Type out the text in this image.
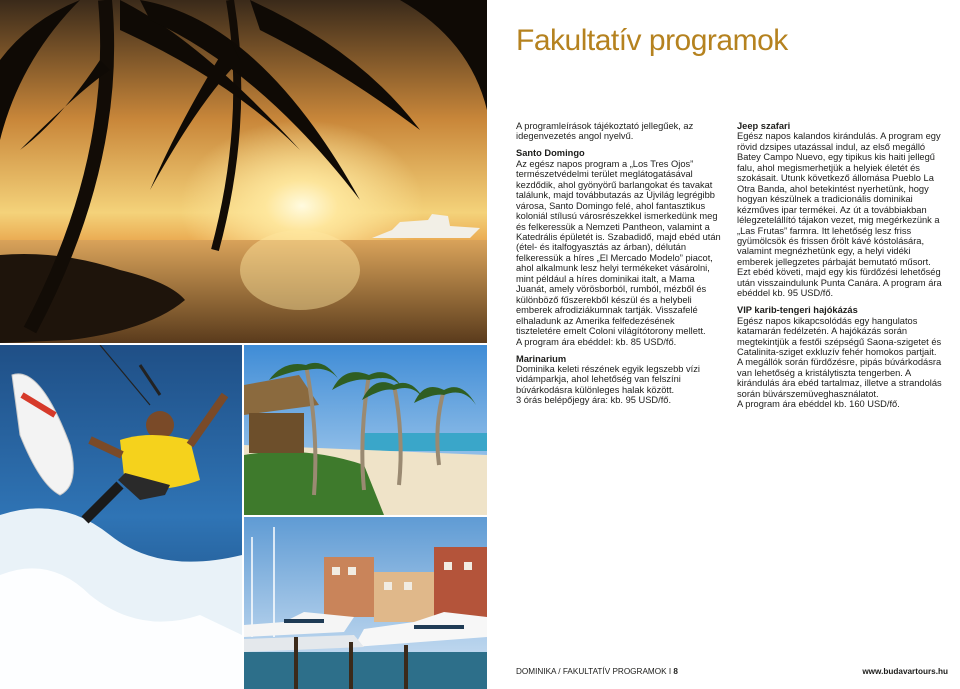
Fakultatív programok

A programleírások tájékoztató jellegűek, az idegenvezetés angol nyelvű.

Santo Domingo
Az egész napos program a „Los Tres Ojos” természetvédelmi terület meglátogatásával kezdődik, ahol gyönyörű barlangokat és tavakat találunk, majd továbbutazás az Újvilág legrégibb városa, Santo Domingo felé, ahol fantasztikus koloniál stílusú városrészekkel ismerkedünk meg és felkeressük a Nemzeti Pantheon, valamint a Katedrális épületét is. Szabadidő, majd ebéd után (étel- és italfogyasztás az árban), délután felkeressük a híres „El Mercado Modelo” piacot, ahol alkalmunk lesz helyi termékeket vásárolni, mint például a híres dominikai italt, a Mama Juanát, amely vörösborból, rumból, mézből és különböző fűszerekből készül és a helybeli emberek afrodiziákumnak tartják. Visszafelé elhaladunk az Amerika felfedezésének tiszteletére emelt Coloni világítótorony mellett.
A program ára ebéddel: kb. 85 USD/fő.

Marinarium
Dominika keleti részének egyik legszebb vízi vidámparkja, ahol lehetőség van felszíni búvárkodásra különleges halak között.
3 órás belépőjegy ára: kb. 95 USD/fő.

Jeep szafari
Egész napos kalandos kirándulás. A program egy rövid dzsipes utazással indul, az első megálló Batey Campo Nuevo, egy tipikus kis haiti jellegű falu, ahol megismerhetjük a helyiek életét és szokásait. Utunk következő állomása Pueblo La Otra Banda, ahol betekintést nyerhetünk, hogy hogyan készülnek a tradicionális dominikai kézműves ipar termékei. Az út a továbbiakban lélegzetelállító tájakon vezet, mig megérkezünk a „Las Frutas” farmra. Itt lehetőség lesz friss gyümölcsök és frissen őrölt kávé kóstolására, valamint megnézhetünk egy, a helyi vidéki emberek jellegzetes párbaját bemutató műsort. Ezt ebéd követi, majd egy kis fürdőzési lehetőség után visszaindulunk Punta Canára. A program ára ebéddel kb. 95 USD/fő.

VIP karib-tengeri hajókázás
Egész napos kikapcsolódás egy hangulatos katamarán fedélzetén. A hajókázás során megtekintjük a festői szépségű Saona-szigetet és Catalinita-sziget exkluzív fehér homokos partjait. A megállók során fürdőzésre, pipás búvárkodásra van lehetőség a kristálytiszta tengerben. A kirándulás ára ebéd tartalmaz, illetve a strandolás során büvárszemüveghasználatot.
A program ára ebéddel kb. 160 USD/fő.

DOMINIKA / FAKULTATÍV PROGRAMOK I 8	www.budavartours.hu
